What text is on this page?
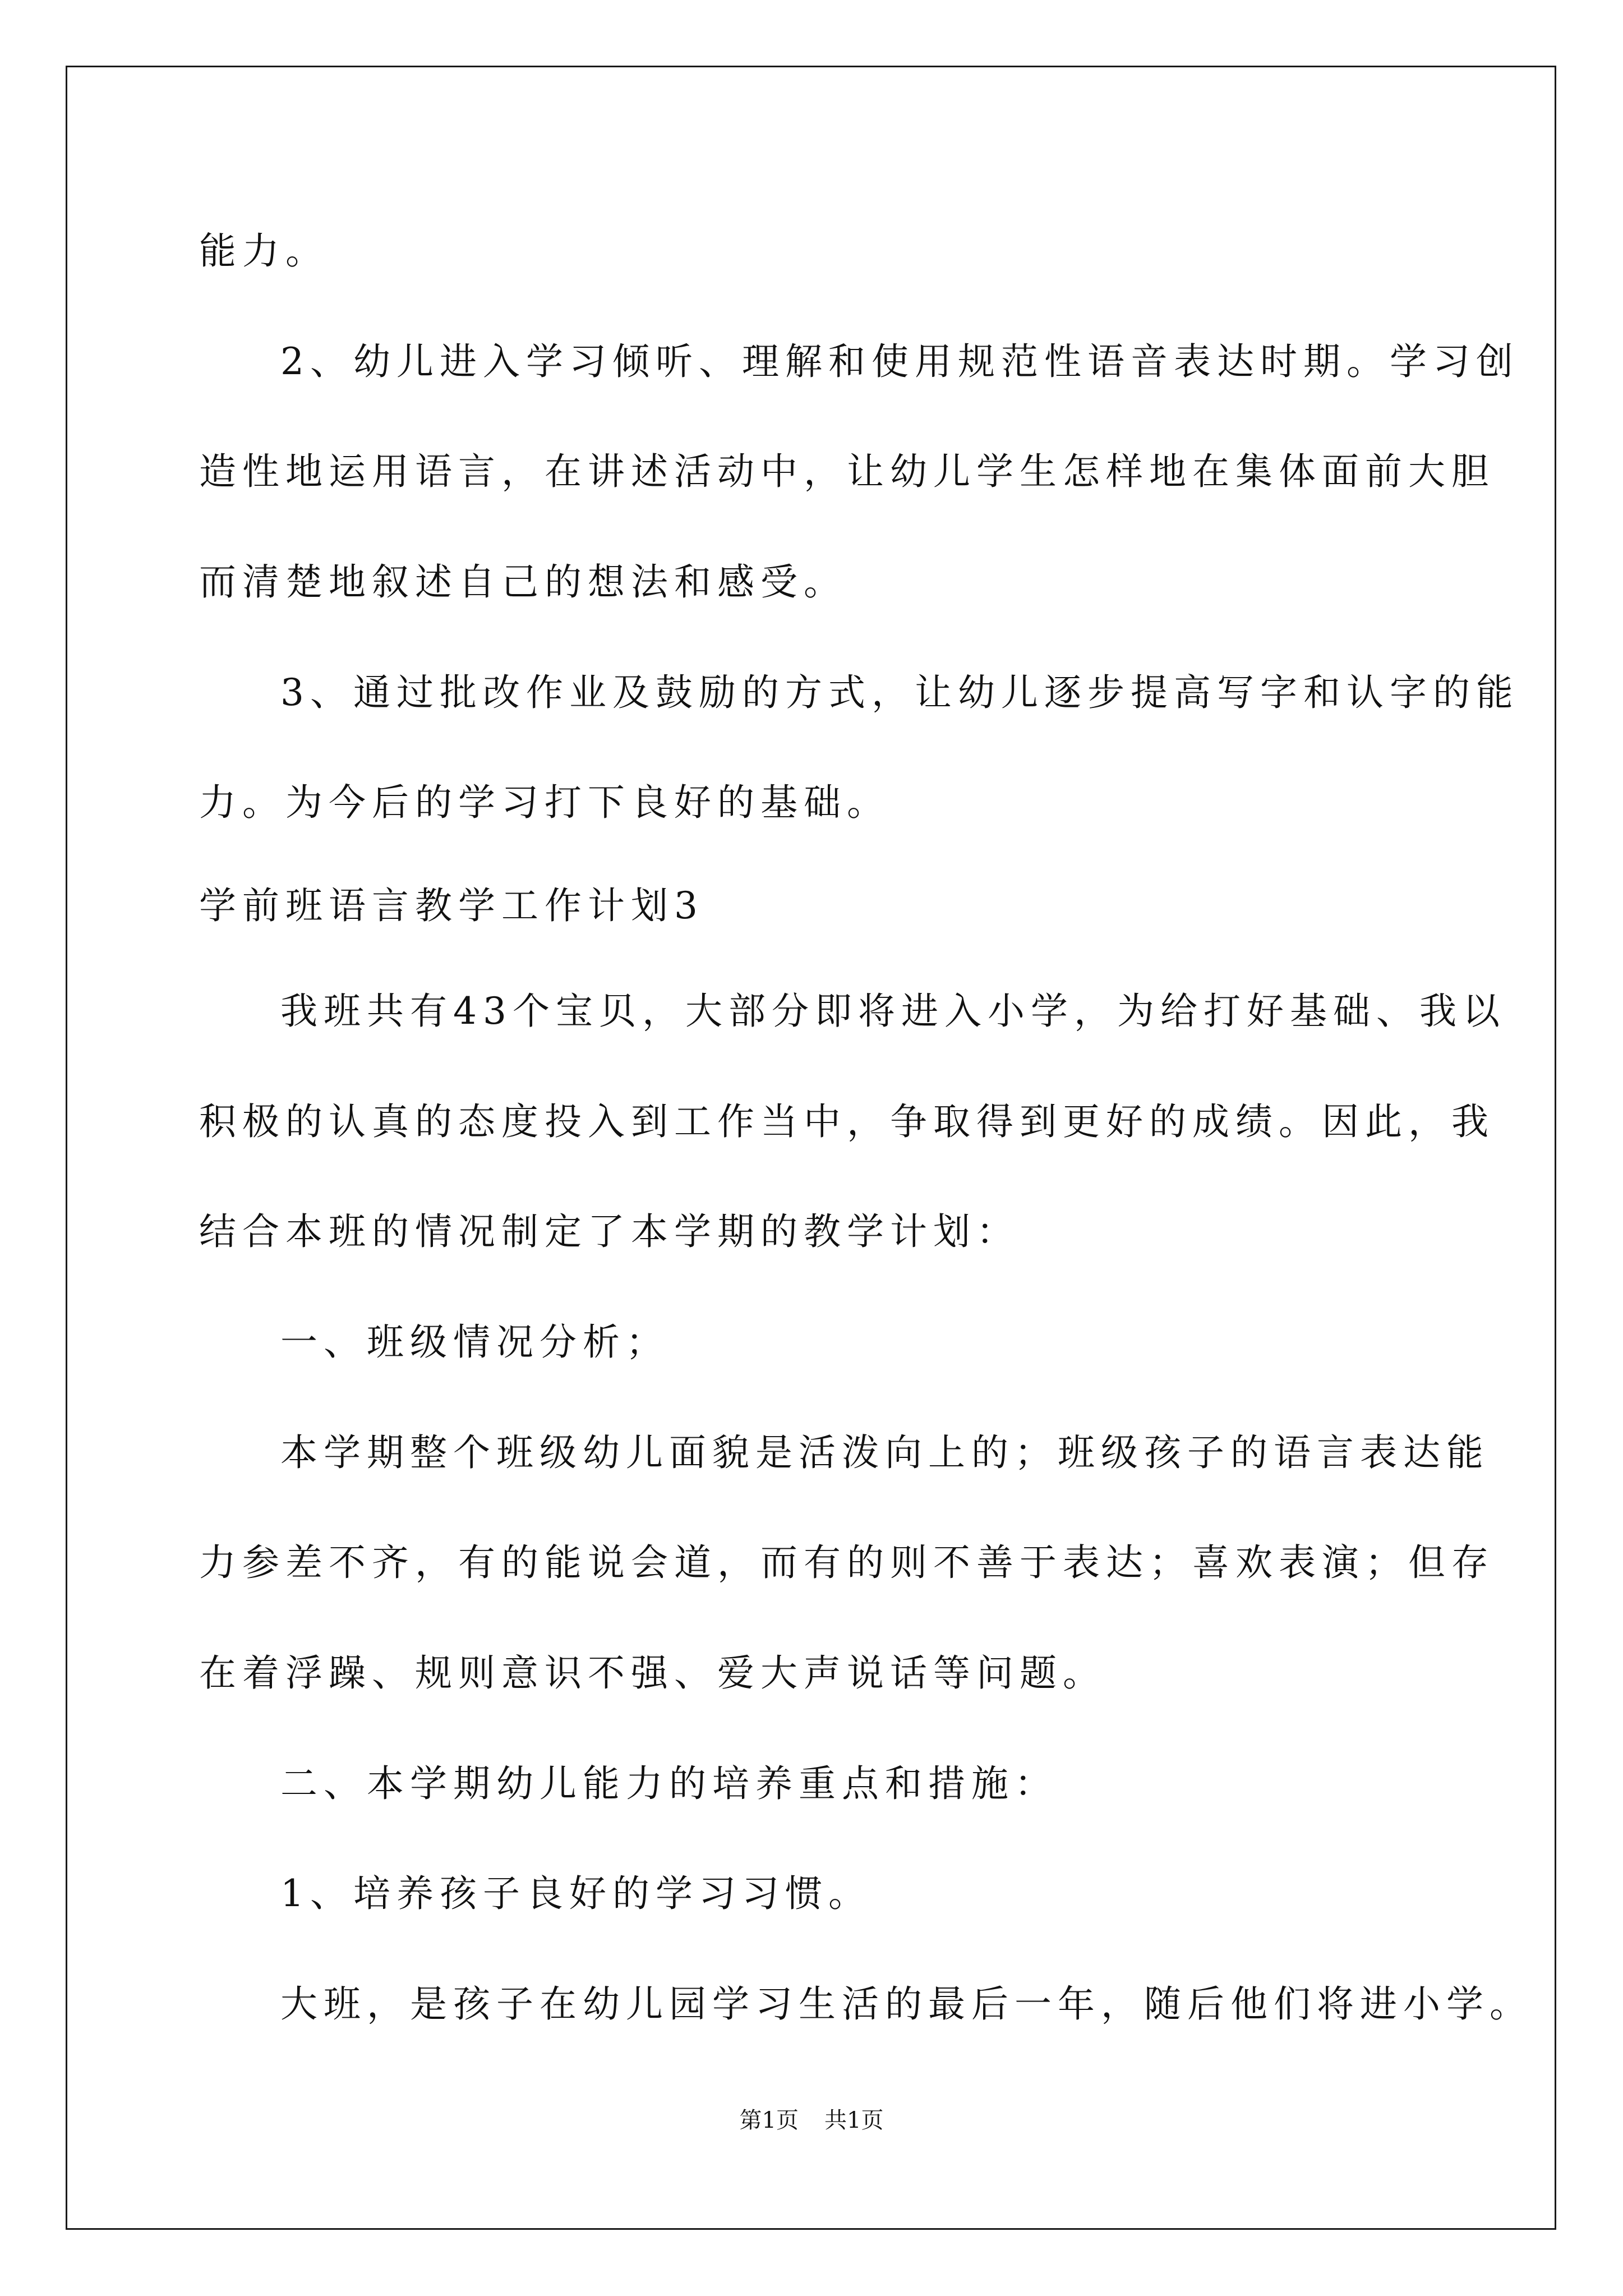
能力。
2、幼儿进入学习倾听、理解和使用规范性语音表达时期。学习创
造性地运用语言，在讲述活动中，让幼儿学生怎样地在集体面前大胆
而清楚地叙述自己的想法和感受。
3、通过批改作业及鼓励的方式，让幼儿逐步提高写字和认字的能
力。为今后的学习打下良好的基础。
学前班语言教学工作计划3
我班共有43个宝贝，大部分即将进入小学，为给打好基础、我以
积极的认真的态度投入到工作当中，争取得到更好的成绩。因此，我
结合本班的情况制定了本学期的教学计划：
一、班级情况分析；
本学期整个班级幼儿面貌是活泼向上的；班级孩子的语言表达能
力参差不齐，有的能说会道，而有的则不善于表达；喜欢表演；但存
在着浮躁、规则意识不强、爱大声说话等问题。
二、本学期幼儿能力的培养重点和措施：
1、培养孩子良好的学习习惯。
大班，是孩子在幼儿园学习生活的最后一年，随后他们将进小学。
第1页 共1页
